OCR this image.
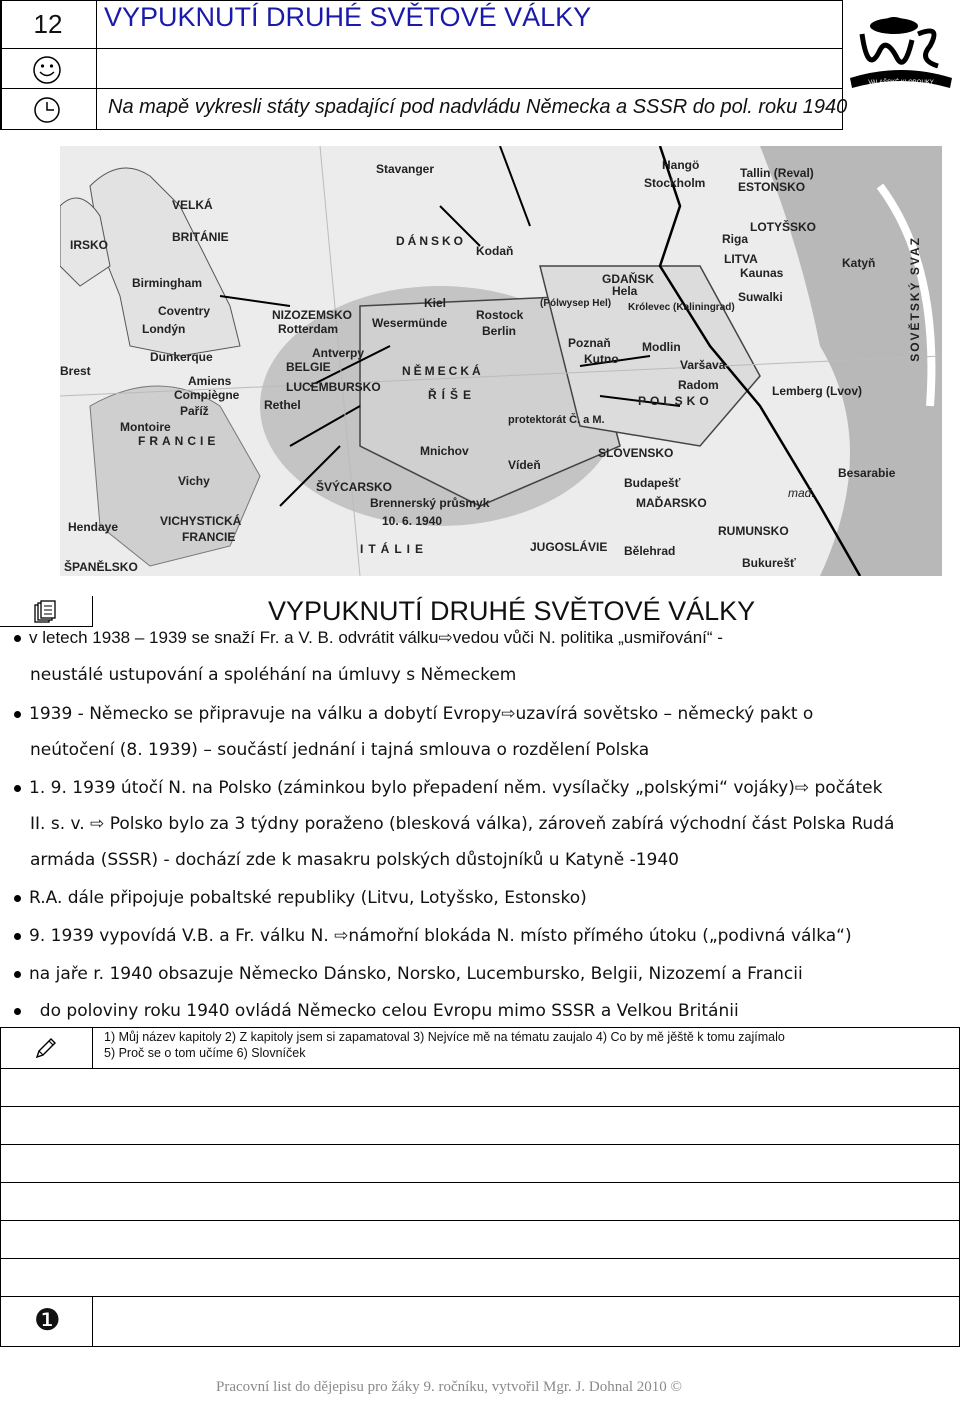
12	VYPUKNUTÍ DRUHÉ SVĚTOVÉ VÁLKY
Na mapě vykresli státy spadající pod nadvládu Německa a SSSR do pol. roku 1940
VALAŠSKÉ KLOBOUKY
IRSKO
VELKÁ
BRITÁNIE
Birmingham
Coventry
Londýn
Dunkerque
Brest
Amiens
Compiègne
Paříž
Montoire
FRANCIE
Vichy
VICHYSTICKÁ
FRANCIE
Hendaye
ŠPANĚLSKO
Stavanger
DÁNSKO
Kodaň
NIZOZEMSKO
Rotterdam	Wesermünde
Kiel
Rostock
Berlin
Antverpy
BELGIE
LUCEMBURSKO
Rethel
NĚMECKÁ
ŘÍŠE
protektorát Č. a M.
Mnichov
ŠVÝCARSKO
Brennerský průsmyk
10. 6. 1940
ITÁLIE
Vídeň
SLOVENSKO
Budapešť
MAĎARSKO
JUGOSLÁVIE Bělehrad
RUMUNSKO
Bukurešť
Hangö
Stockholm
Tallin (Reval)
ESTONSKO
LOTYŠSKO
Riga
LITVA
Kaunas
Suwalki
GDAŇSK
Hela
Królevec (Kaliningrad)
(Pólwysep Hel)
Poznaň
Kutno
Modlin
Varšava
Radom
POLSKO
Katyň
Lemberg (Lvov)
Besarabie
mad.
SOVĚTSKÝ SVAZ
VYPUKNUTÍ DRUHÉ SVĚTOVÉ VÁLKY
v letech 1938 – 1939 se snaží Fr. a V. B. odvrátit válku⇨vedou vůči N. politika „usmiřování“ -
neustálé ustupování a spoléhání na úmluvy s Německem
1939 - Německo se připravuje na válku a dobytí Evropy⇨uzavírá sovětsko – německý pakt o
neútočení (8. 1939) – součástí jednání i tajná smlouva o rozdělení Polska
1. 9. 1939 útočí N. na Polsko (záminkou bylo přepadení něm. vysílačky „polskými“ vojáky)⇨ počátek
II. s. v. ⇨ Polsko bylo za 3 týdny poraženo (blesková válka), zároveň zabírá východní část Polska Rudá
armáda (SSSR) - dochází zde k masakru polských důstojníků u Katyně -1940
R.A. dále připojuje pobaltské republiky (Litvu, Lotyšsko, Estonsko)
9. 1939 vypovídá V.B. a Fr. válku N. ⇨námořní blokáda N. místo přímého útoku („podivná válka“)
na jaře r. 1940 obsazuje Německo Dánsko, Norsko, Lucembursko, Belgii, Nizozemí a Francii
do poloviny roku 1940 ovládá Německo celou Evropu mimo SSSR a Velkou Británii
1) Můj název kapitoly 2) Z kapitoly jsem si zapamatoval 3) Nejvíce mě na tématu zaujalo 4) Co by mě jěště k tomu zajímalo
5) Proč se o tom učíme 6) Slovníček
❶
Pracovní list do dějepisu pro žáky 9. ročníku, vytvořil Mgr. J. Dohnal 2010 ©
